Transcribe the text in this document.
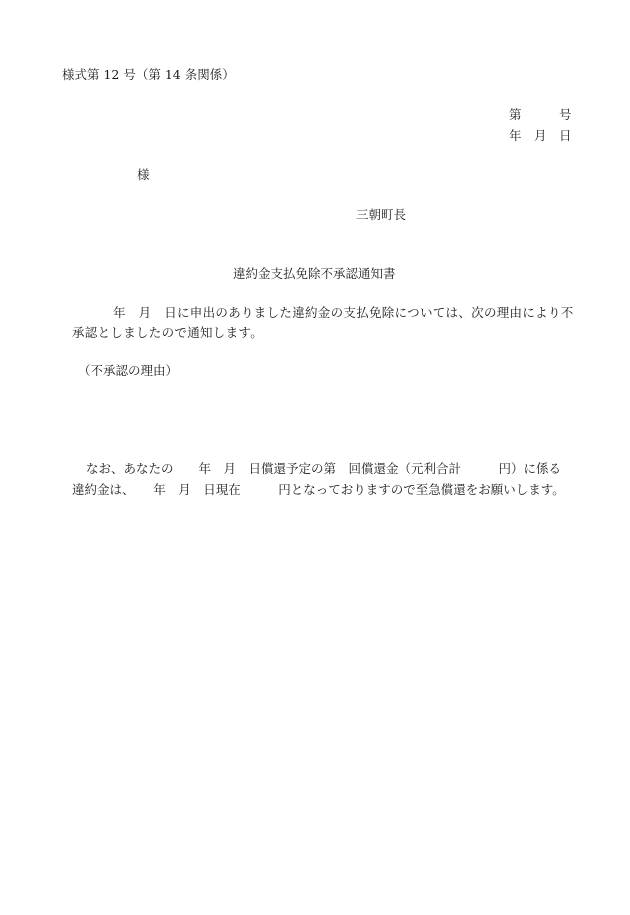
様式第 12 号（第 14 条関係）
第　　　号
年　月　日
様
三朝町長
違約金支払免除不承認通知書
年　月　日に申出のありました違約金の支払免除については、次の理由により不
承認としましたので通知します。
（不承認の理由）
なお、あなたの　　年　月　日償還予定の第　回償還金（元利合計　　　円）に係る
違約金は、　　年　月　日現在　　　円となっておりますので至急償還をお願いします。
